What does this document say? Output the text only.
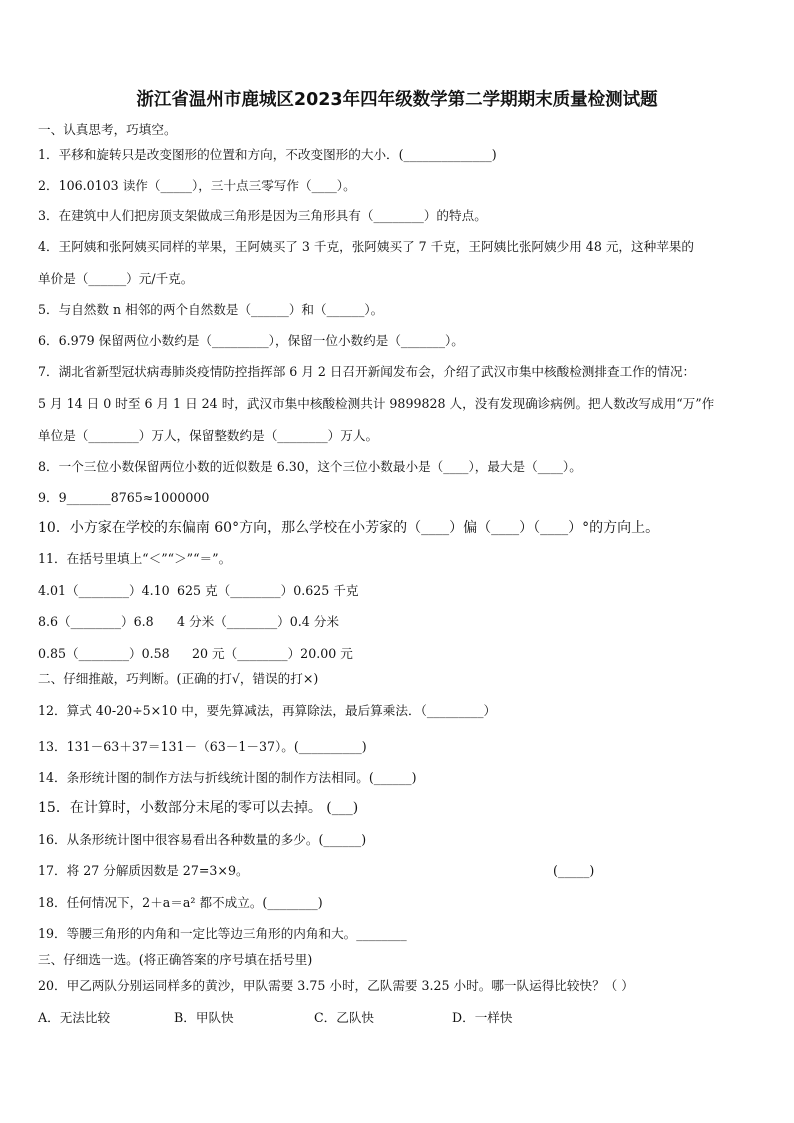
浙江省温州市鹿城区2023年四年级数学第二学期期末质量检测试题
一、认真思考，巧填空。
1．平移和旋转只是改变图形的位置和方向，不改变图形的大小．(______________)
2．106.0103 读作（_____），三十点三零写作（____）。
3．在建筑中人们把房顶支架做成三角形是因为三角形具有（________）的特点。
4．王阿姨和张阿姨买同样的苹果，王阿姨买了 3 千克，张阿姨买了 7 千克，王阿姨比张阿姨少用 48 元，这种苹果的
单价是（______）元/千克。
5．与自然数 n 相邻的两个自然数是（______）和（______）。
6．6.979 保留两位小数约是（_________），保留一位小数约是（_______）。
7．湖北省新型冠状病毒肺炎疫情防控指挥部 6 月 2 日召开新闻发布会，介绍了武汉市集中核酸检测排查工作的情况：
5 月 14 日 0 时至 6 月 1 日 24 时，武汉市集中核酸检测共计 9899828 人，没有发现确诊病例。把人数改写成用“万”作
单位是（________）万人，保留整数约是（________）万人。
8．一个三位小数保留两位小数的近似数是 6.30，这个三位小数最小是（____），最大是（____）。
9．9_______8765≈1000000
10．小方家在学校的东偏南 60°方向，那么学校在小芳家的（____）偏（____）（____）°的方向上。
11．在括号里填上“＜”“＞”“＝”。
4.01（________）4.10 625 克（________）0.625 千克
8.6（________）6.8 4 分米（________）0.4 分米
0.85（________）0.58 20 元（________）20.00 元
二、仔细推敲，巧判断。(正确的打√，错误的打×)
12．算式 40-20÷5×10 中，要先算减法，再算除法，最后算乘法．（_________）
13．131－63＋37＝131－（63－1－37）。(__________)
14．条形统计图的制作方法与折线统计图的制作方法相同。(______)
15．在计算时，小数部分末尾的零可以去掉。 (___)
16．从条形统计图中很容易看出各种数量的多少。(______)
17．将 27 分解质因数是 27=3×9。	(_____)
18．任何情况下，2＋a＝a² 都不成立。(________)
19．等腰三角形的内角和一定比等边三角形的内角和大。________
三、仔细选一选。(将正确答案的序号填在括号里)
20．甲乙两队分别运同样多的黄沙，甲队需要 3.75 小时，乙队需要 3.25 小时。哪一队运得比较快？（ ）
A．无法比较	B．甲队快	C．乙队快	D．一样快
